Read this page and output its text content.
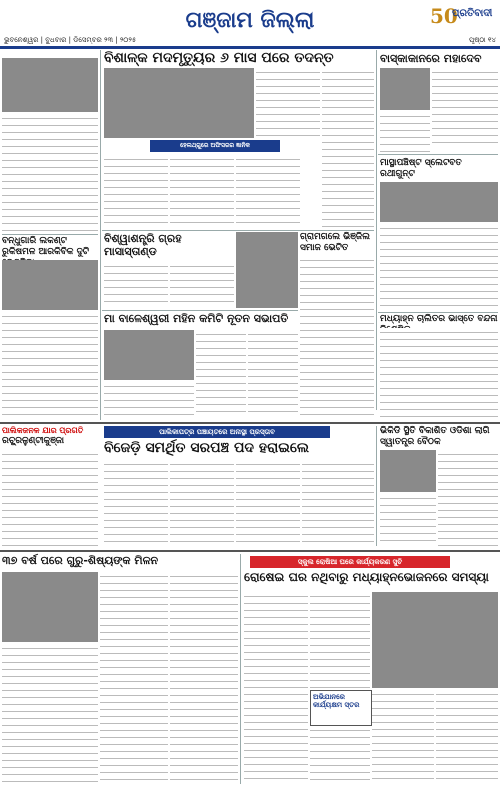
ଗଞ୍ଜାମ ଜିଲ୍ଲା	50
ପ୍ରତିବାଦୀ
ଭୁବନେଶ୍ୱର | ବୁଧବାର | ଡିସେମ୍ବର ୨୩ | ୨୦୨୫	ପୃଷ୍ଠା ୧୪
ବିଶାଳ୍କ ମଦମୃତ୍ୟୁର ୬ ମାସ ପରେ ତଦନ୍ତ
ହେଲଥ୍‌ଗୁରେ ଅଫିସରର ଜ୍ଞାନିକ
ବାସ୍କାକାନରେ ମହାଦେବ
ବନ୍ଧୁଗାରି ଲକଣ୍ଟ ରୁକିଷମଳ ଆରକିବିକ ଦୁଟି
ବିଶ୍ୱାଶନ୍ତ୍ରି ଗ୍ରହ ମାସାସ୍ତାଣ୍ଡ
ଗ୍ରାମଗଲେ ଭିଞ୍ଜିଲ ସମାଜ ଭେଟିତ
ମା ବାଳେଶ୍ୱରୀ ମହିନ କମିଟି ନୂତନ ସଭାପତି
ମାସ୍ଥାପଞ୍ଚିଷ୍ଟ ସ୍ଲେଟବତ ରଥୀଗୁନ୍ଟ
ମଧ୍ୟାହ୍ନ ଚାଲିତର ଭାସ୍ତେ ବନ୍ଦନା
ପାଲିକଜନଳ ଯାର ପ୍ରଗତି
ରଚ୍ଛ୍ରଳୁଣ୍ଟୀକୁଞ୍ଜା
ପାଲିକାପତ୍ର ପଞ୍ଚାୟତରେ ଅନାସ୍ଥା ପ୍ରସ୍ତାବ
ବିଜେଡ଼ି ସମର୍ଥିତ ସରପଞ୍ଚ ପଦ ହରାଇଲେ
ଭିକିଡି ସ୍ଥିତି ବିକାଶିତ ଓଡିଶା ଲାଗି ସ୍ୱାତନ୍ତ୍ର ବୈଠକ
୩୭ ବର୍ଷ ପରେ ଗୁରୁ-ଶିଷ୍ୟଙ୍କ ମିଳନ	ସ୍କୁଲ ରୋଷିଆ ଘରେ କାର୍ଯ୍ୟକରଣ ସୁଚି
ରୋଷେଇ ଘର ନଥିବାରୁ ମଧ୍ୟାହ୍ନଭୋଜନରେ ସମସ୍ୟା
ଅଭିଯାନରେ କାର୍ଯ୍ୟକ୍ଷମ ସ୍ତର
